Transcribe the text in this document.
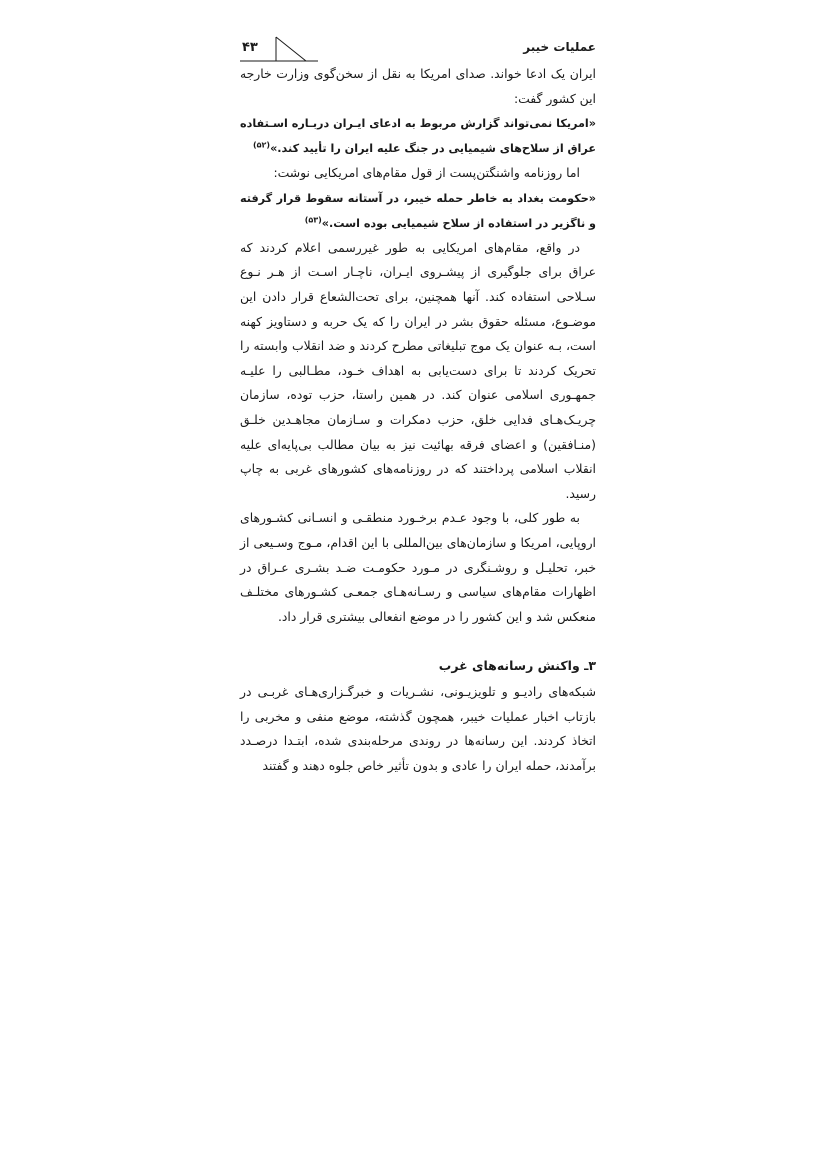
عملیات خیبر
۴۳

ایران یک ادعا خواند. صدای امریکا به نقل از سخن‌گوی وزارت خارجه این کشور گفت:

«امریکا نمی‌تواند گزارش مربوط به ادعای ایـران دربـاره اسـتفاده عراق از سلاح‌های شیمیایی در جنگ علیه ایران را تأیید کند.»$^{(۵۲)}$

اما روزنامه واشنگتن‌پست از قول مقام‌های امریکایی نوشت:

«حکومت بغداد به خاطر حمله خیبر، در آستانه سقوط قرار گرفته و ناگزیر در استفاده از سلاح شیمیایی بوده است.»$^{(۵۳)}$

در واقع، مقام‌های امریکایی به طور غیررسمی اعلام کردند که عراق برای جلوگیری از پیشـروی ایـران، ناچـار اسـت از هـر نـوع سـلاحی استفاده کند. آنها همچنین، برای تحت‌الشعاع قرار دادن این موضـوع، مسئله حقوق بشر در ایران را که یک حربه و دستاویز کهنه است، بـه عنوان یک موج تبلیغاتی مطرح کردند و ضد انقلاب وابسته را تحریک کردند تا برای دست‌یابی به اهداف خـود، مطـالبی را علیـه جمهـوری اسلامی عنوان کند. در همین راستا، حزب توده، سازمان چریـک‌هـای فدایی خلق، حزب دمکرات و سـازمان مجاهـدین خلـق (منـافقین) و اعضای فرقه بهائیت نیز به بیان مطالب بی‌پایه‌ای علیه انقلاب اسلامی پرداختند که در روزنامه‌های کشورهای غربی به چاپ رسید.

به طور کلی، با وجود عـدم برخـورد منطقـی و انسـانی کشـورهای اروپایی، امریکا و سازمان‌های بین‌المللی با این اقدام، مـوج وسـیعی از خبر، تحلیـل و روشـنگری در مـورد حکومـت ضـد بشـری عـراق در اظهارات مقام‌های سیاسی و رسـانه‌هـای جمعـی کشـورهای مختلـف منعکس شد و این کشور را در موضع انفعالی بیشتری قرار داد.

۳ـ واکنش رسانه‌های غرب

شبکه‌های رادیـو و تلویزیـونی، نشـریات و خبرگـزاری‌هـای غربـی در بازتاب اخبار عملیات خیبر، همچون گذشته، موضع منفی و مخربی را اتخاذ کردند. این رسانه‌ها در روندی مرحله‌بندی شده، ابتـدا درصـدد برآمدند، حمله ایران را عادی و بدون تأثیر خاص جلوه دهند و گفتند
